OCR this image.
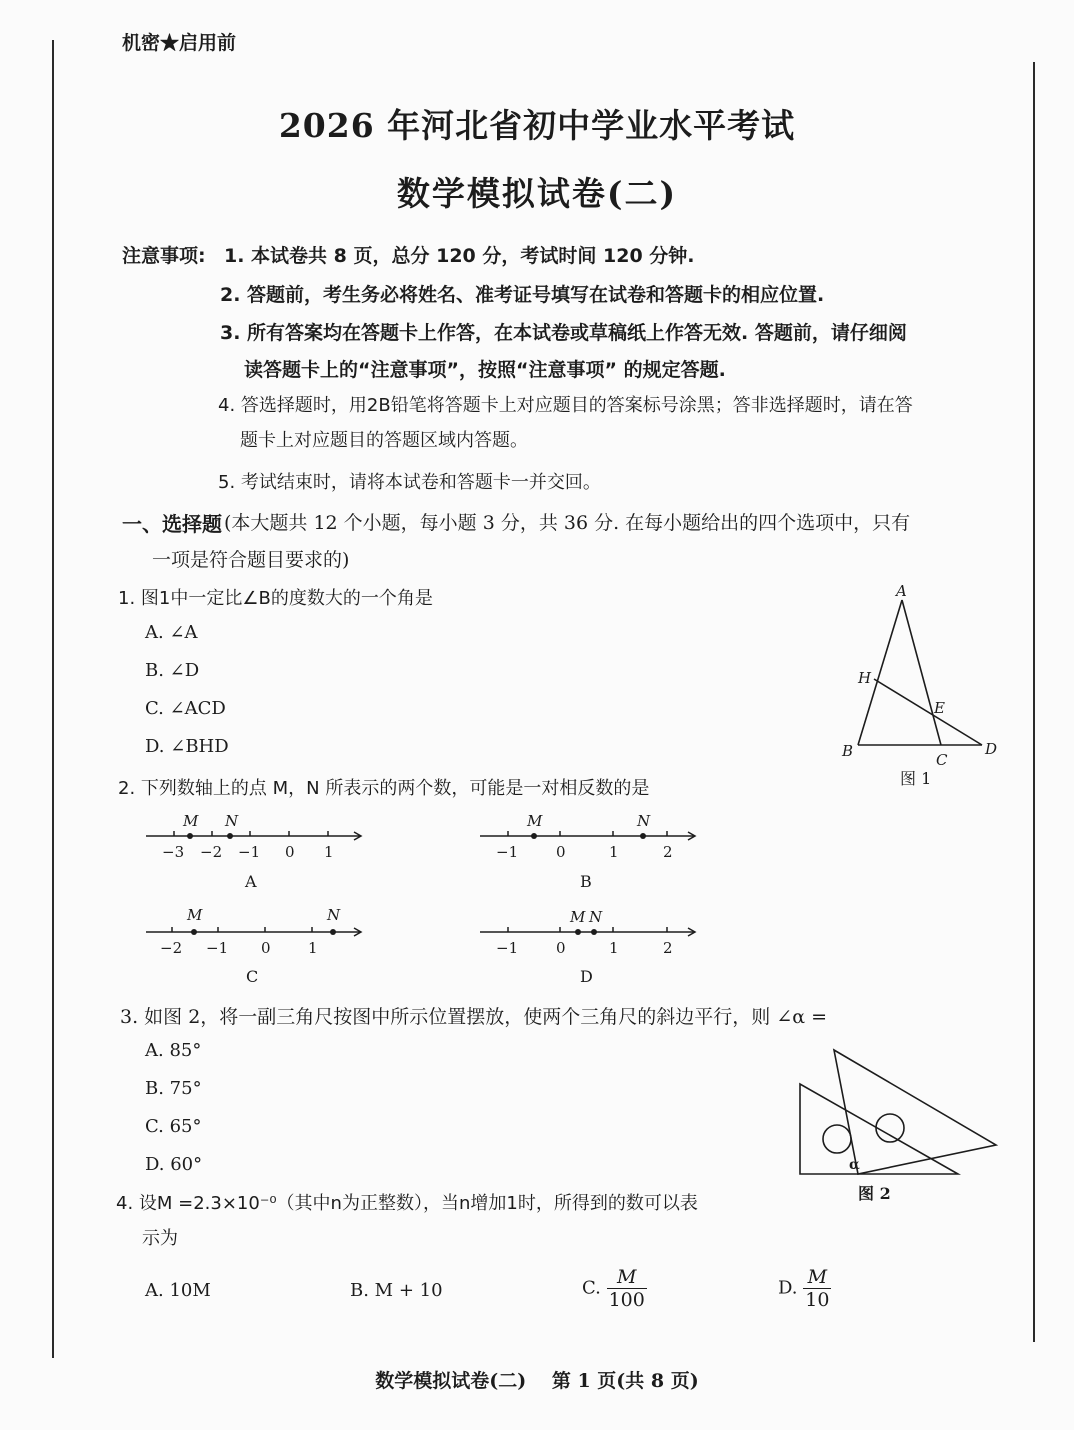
机密★启用前
2026 年河北省初中学业水平考试
数学模拟试卷(二)
注意事项: 1. 本试卷共 8 页，总分 120 分，考试时间 120 分钟.
2. 答题前，考生务必将姓名、准考证号填写在试卷和答题卡的相应位置.
3. 所有答案均在答题卡上作答，在本试卷或草稿纸上作答无效. 答题前，请仔细阅
读答题卡上的“注意事项”，按照“注意事项” 的规定答题.
4. 答选择题时，用2B铅笔将答题卡上对应题目的答案标号涂黑；答非选择题时，请在答
题卡上对应题目的答题区域内答题。
5. 考试结束时，请将本试卷和答题卡一并交回。
一、选择题 (本大题共 12 个小题，每小题 3 分，共 36 分. 在每小题给出的四个选项中，只有
一项是符合题目要求的)
1. 图1中一定比∠B的度数大的一个角是
A. ∠A
B. ∠D
C. ∠ACD
D. ∠BHD
A
H
E
B	C
D
图 1
2. 下列数轴上的点 M，N 所表示的两个数，可能是一对相反数的是
M N
−3 −2 −1 0 1
A
M	N
−1	0	1	2
B
M	N
−2 −1 0 1
C
M N
−1	0	1	2
D
3. 如图 2，将一副三角尺按图中所示位置摆放，使两个三角尺的斜边平行，则 ∠α =
A. 85°
B. 75°
C. 65°
D. 60°	α
图 2
4. 设M =2.3×10⁻⁰（其中n为正整数），当n增加1时，所得到的数可以表
示为
A. 10M	B. M + 10	C. $\frac{M}{100}$	D. $\frac{M}{10}$
数学模拟试卷(二)　 第 1 页(共 8 页)
